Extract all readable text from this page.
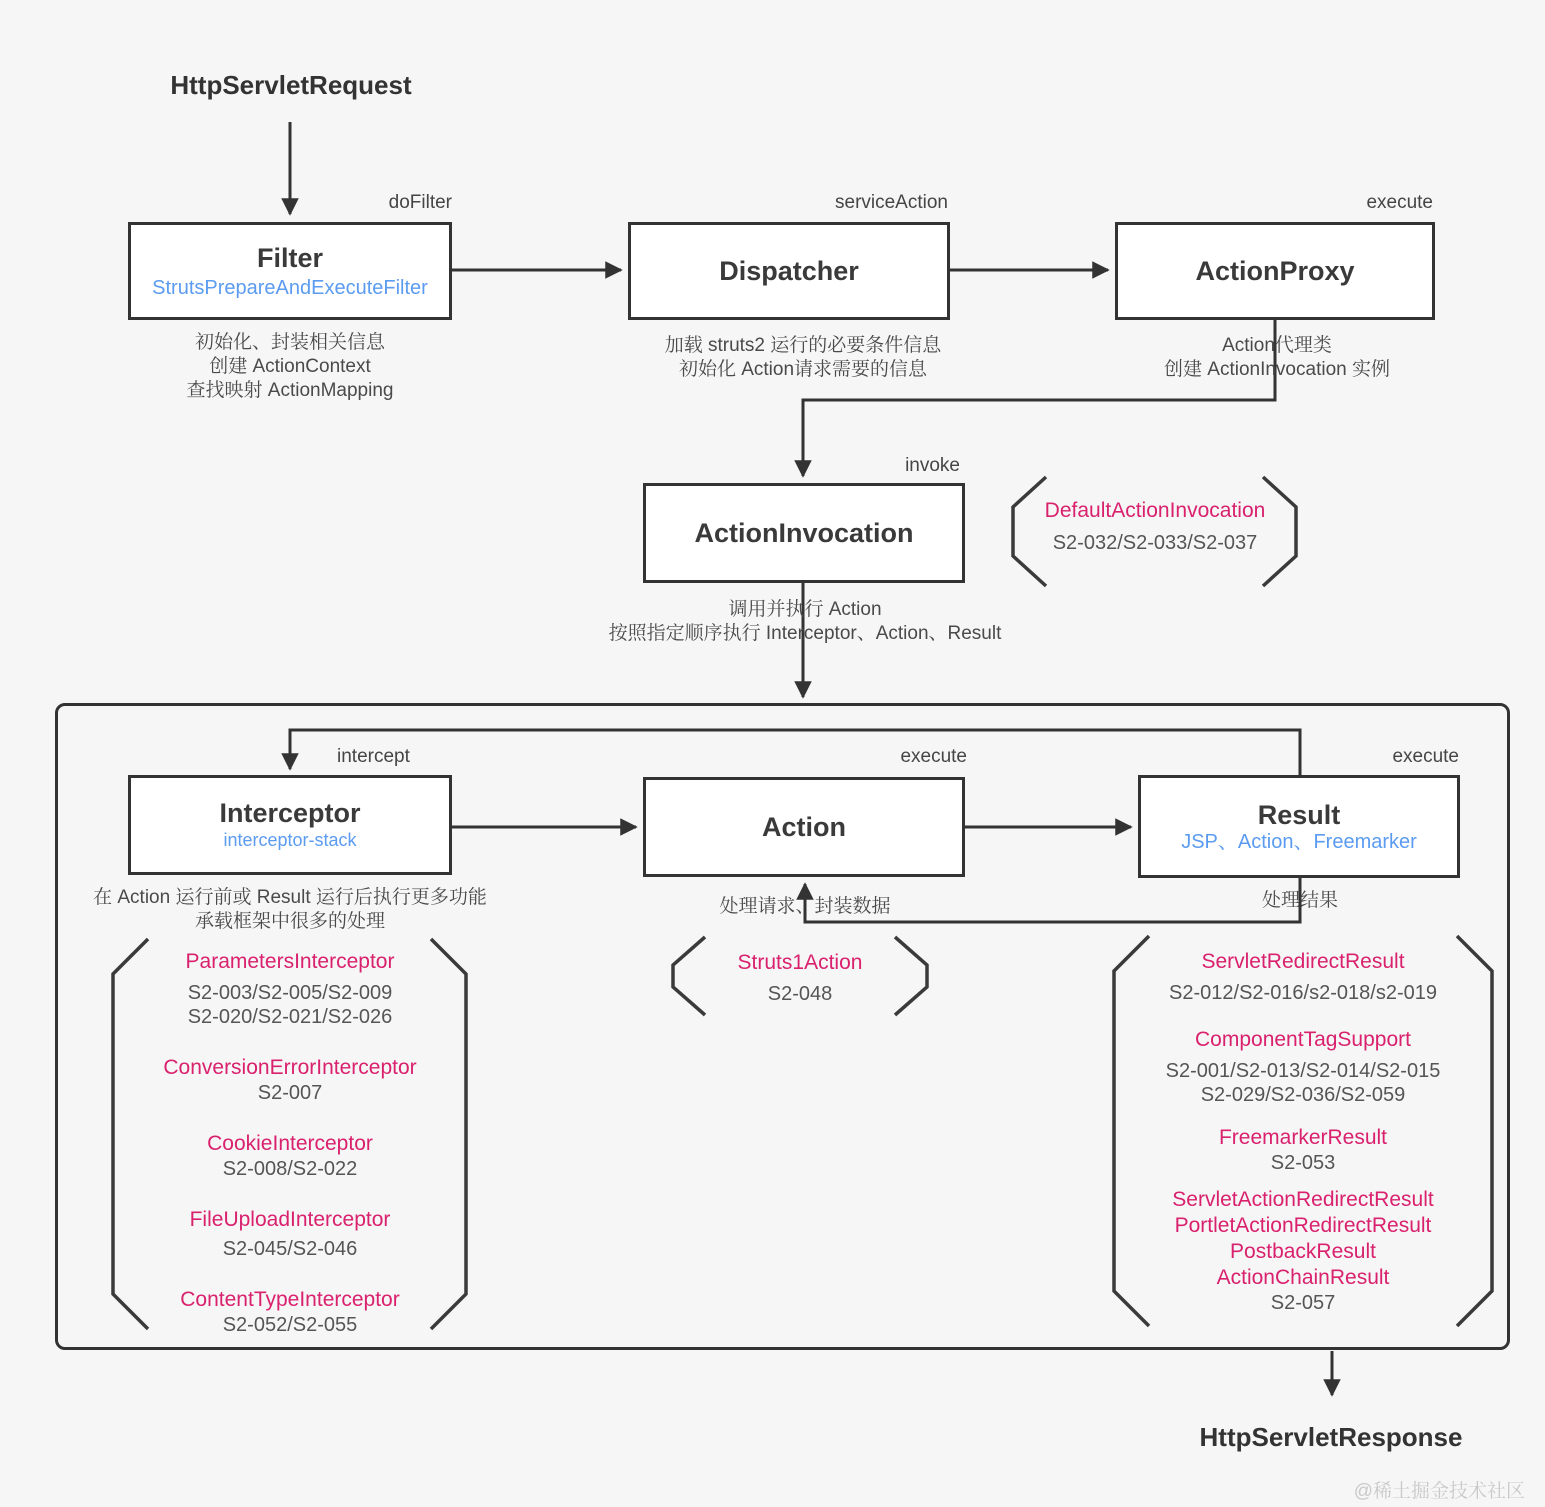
HttpServletRequest
HttpServletResponse
doFilter	serviceAction	execute
invoke
intercept	execute	execute
Filter
StrutsPrepareAndExecuteFilter
Dispatcher	ActionProxy
初始化、封装相关信息
创建 ActionContext
查找映射 ActionMapping
加载 struts2 运行的必要条件信息
初始化 Action请求需要的信息
Action代理类
创建 ActionInvocation 实例
ActionInvocation
调用并执行 Action
按照指定顺序执行 Interceptor、Action、Result
DefaultActionInvocation
S2-032/S2-033/S2-037
Interceptor
interceptor-stack	Action	Result
JSP、Action、Freemarker
在 Action 运行前或 Result 运行后执行更多功能
承载框架中很多的处理
处理请求、封装数据	处理结果
Struts1Action
S2-048
ParametersInterceptor
S2-003/S2-005/S2-009
S2-020/S2-021/S2-026
ConversionErrorInterceptor
S2-007
CookieInterceptor
S2-008/S2-022
FileUploadInterceptor
S2-045/S2-046
ContentTypeInterceptor
S2-052/S2-055
ServletRedirectResult
S2-012/S2-016/s2-018/s2-019
ComponentTagSupport
S2-001/S2-013/S2-014/S2-015
S2-029/S2-036/S2-059
FreemarkerResult
S2-053
ServletActionRedirectResult
PortletActionRedirectResult
PostbackResult
ActionChainResult
S2-057
@稀土掘金技术社区
